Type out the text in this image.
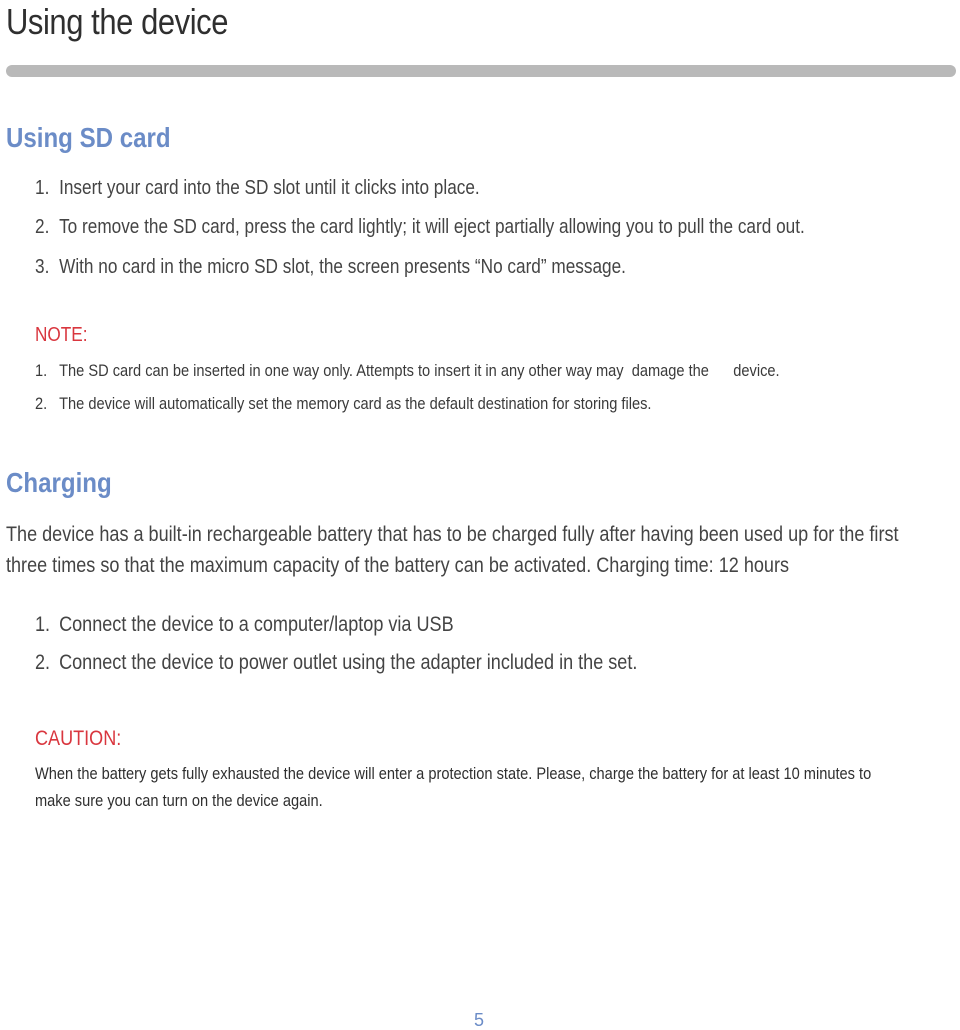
Using the device
Using SD card
1. Insert your card into the SD slot until it clicks into place.
2. To remove the SD card, press the card lightly; it will eject partially allowing you to pull the card out.
3. With no card in the micro SD slot, the screen presents “No card” message.
NOTE:
1. The SD card can be inserted in one way only. Attempts to insert it in any other way may  damage the      device.
2. The device will automatically set the memory card as the default destination for storing files.
Charging
The device has a built-in rechargeable battery that has to be charged fully after having been used up for the first
three times so that the maximum capacity of the battery can be activated. Charging time: 12 hours
1. Connect the device to a computer/laptop via USB
2. Connect the device to power outlet using the adapter included in the set.
CAUTION:
When the battery gets fully exhausted the device will enter a protection state. Please, charge the battery for at least 10 minutes to
make sure you can turn on the device again.
5
